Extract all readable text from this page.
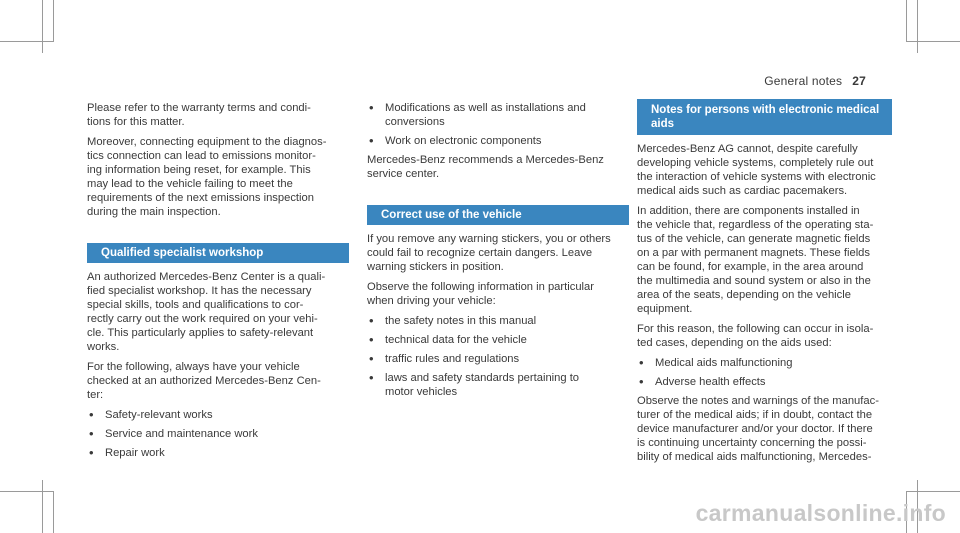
General notes 27

Please refer to the warranty terms and condi-
tions for this matter.

Moreover, connecting equipment to the diagnos-
tics connection can lead to emissions monitor-
ing information being reset, for example. This
may lead to the vehicle failing to meet the
requirements of the next emissions inspection
during the main inspection.

Qualified specialist workshop

An authorized Mercedes-Benz Center is a quali-
fied specialist workshop. It has the necessary
special skills, tools and qualifications to cor-
rectly carry out the work required on your vehi-
cle. This particularly applies to safety-relevant
works.

For the following, always have your vehicle
checked at an authorized Mercedes-Benz Cen-
ter:

• Safety-relevant works
• Service and maintenance work
• Repair work
• Modifications as well as installations and
conversions
• Work on electronic components

Mercedes-Benz recommends a Mercedes-Benz
service center.

Correct use of the vehicle

If you remove any warning stickers, you or others
could fail to recognize certain dangers. Leave
warning stickers in position.

Observe the following information in particular
when driving your vehicle:

• the safety notes in this manual
• technical data for the vehicle
• traffic rules and regulations
• laws and safety standards pertaining to
motor vehicles
Notes for persons with electronic medical
aids

Mercedes-Benz AG cannot, despite carefully
developing vehicle systems, completely rule out
the interaction of vehicle systems with electronic
medical aids such as cardiac pacemakers.

In addition, there are components installed in
the vehicle that, regardless of the operating sta-
tus of the vehicle, can generate magnetic fields
on a par with permanent magnets. These fields
can be found, for example, in the area around
the multimedia and sound system or also in the
area of the seats, depending on the vehicle
equipment.

For this reason, the following can occur in isola-
ted cases, depending on the aids used:

• Medical aids malfunctioning
• Adverse health effects

Observe the notes and warnings of the manufac-
turer of the medical aids; if in doubt, contact the
device manufacturer and/or your doctor. If there
is continuing uncertainty concerning the possi-
bility of medical aids malfunctioning, Mercedes-

carmanualsonline.info
